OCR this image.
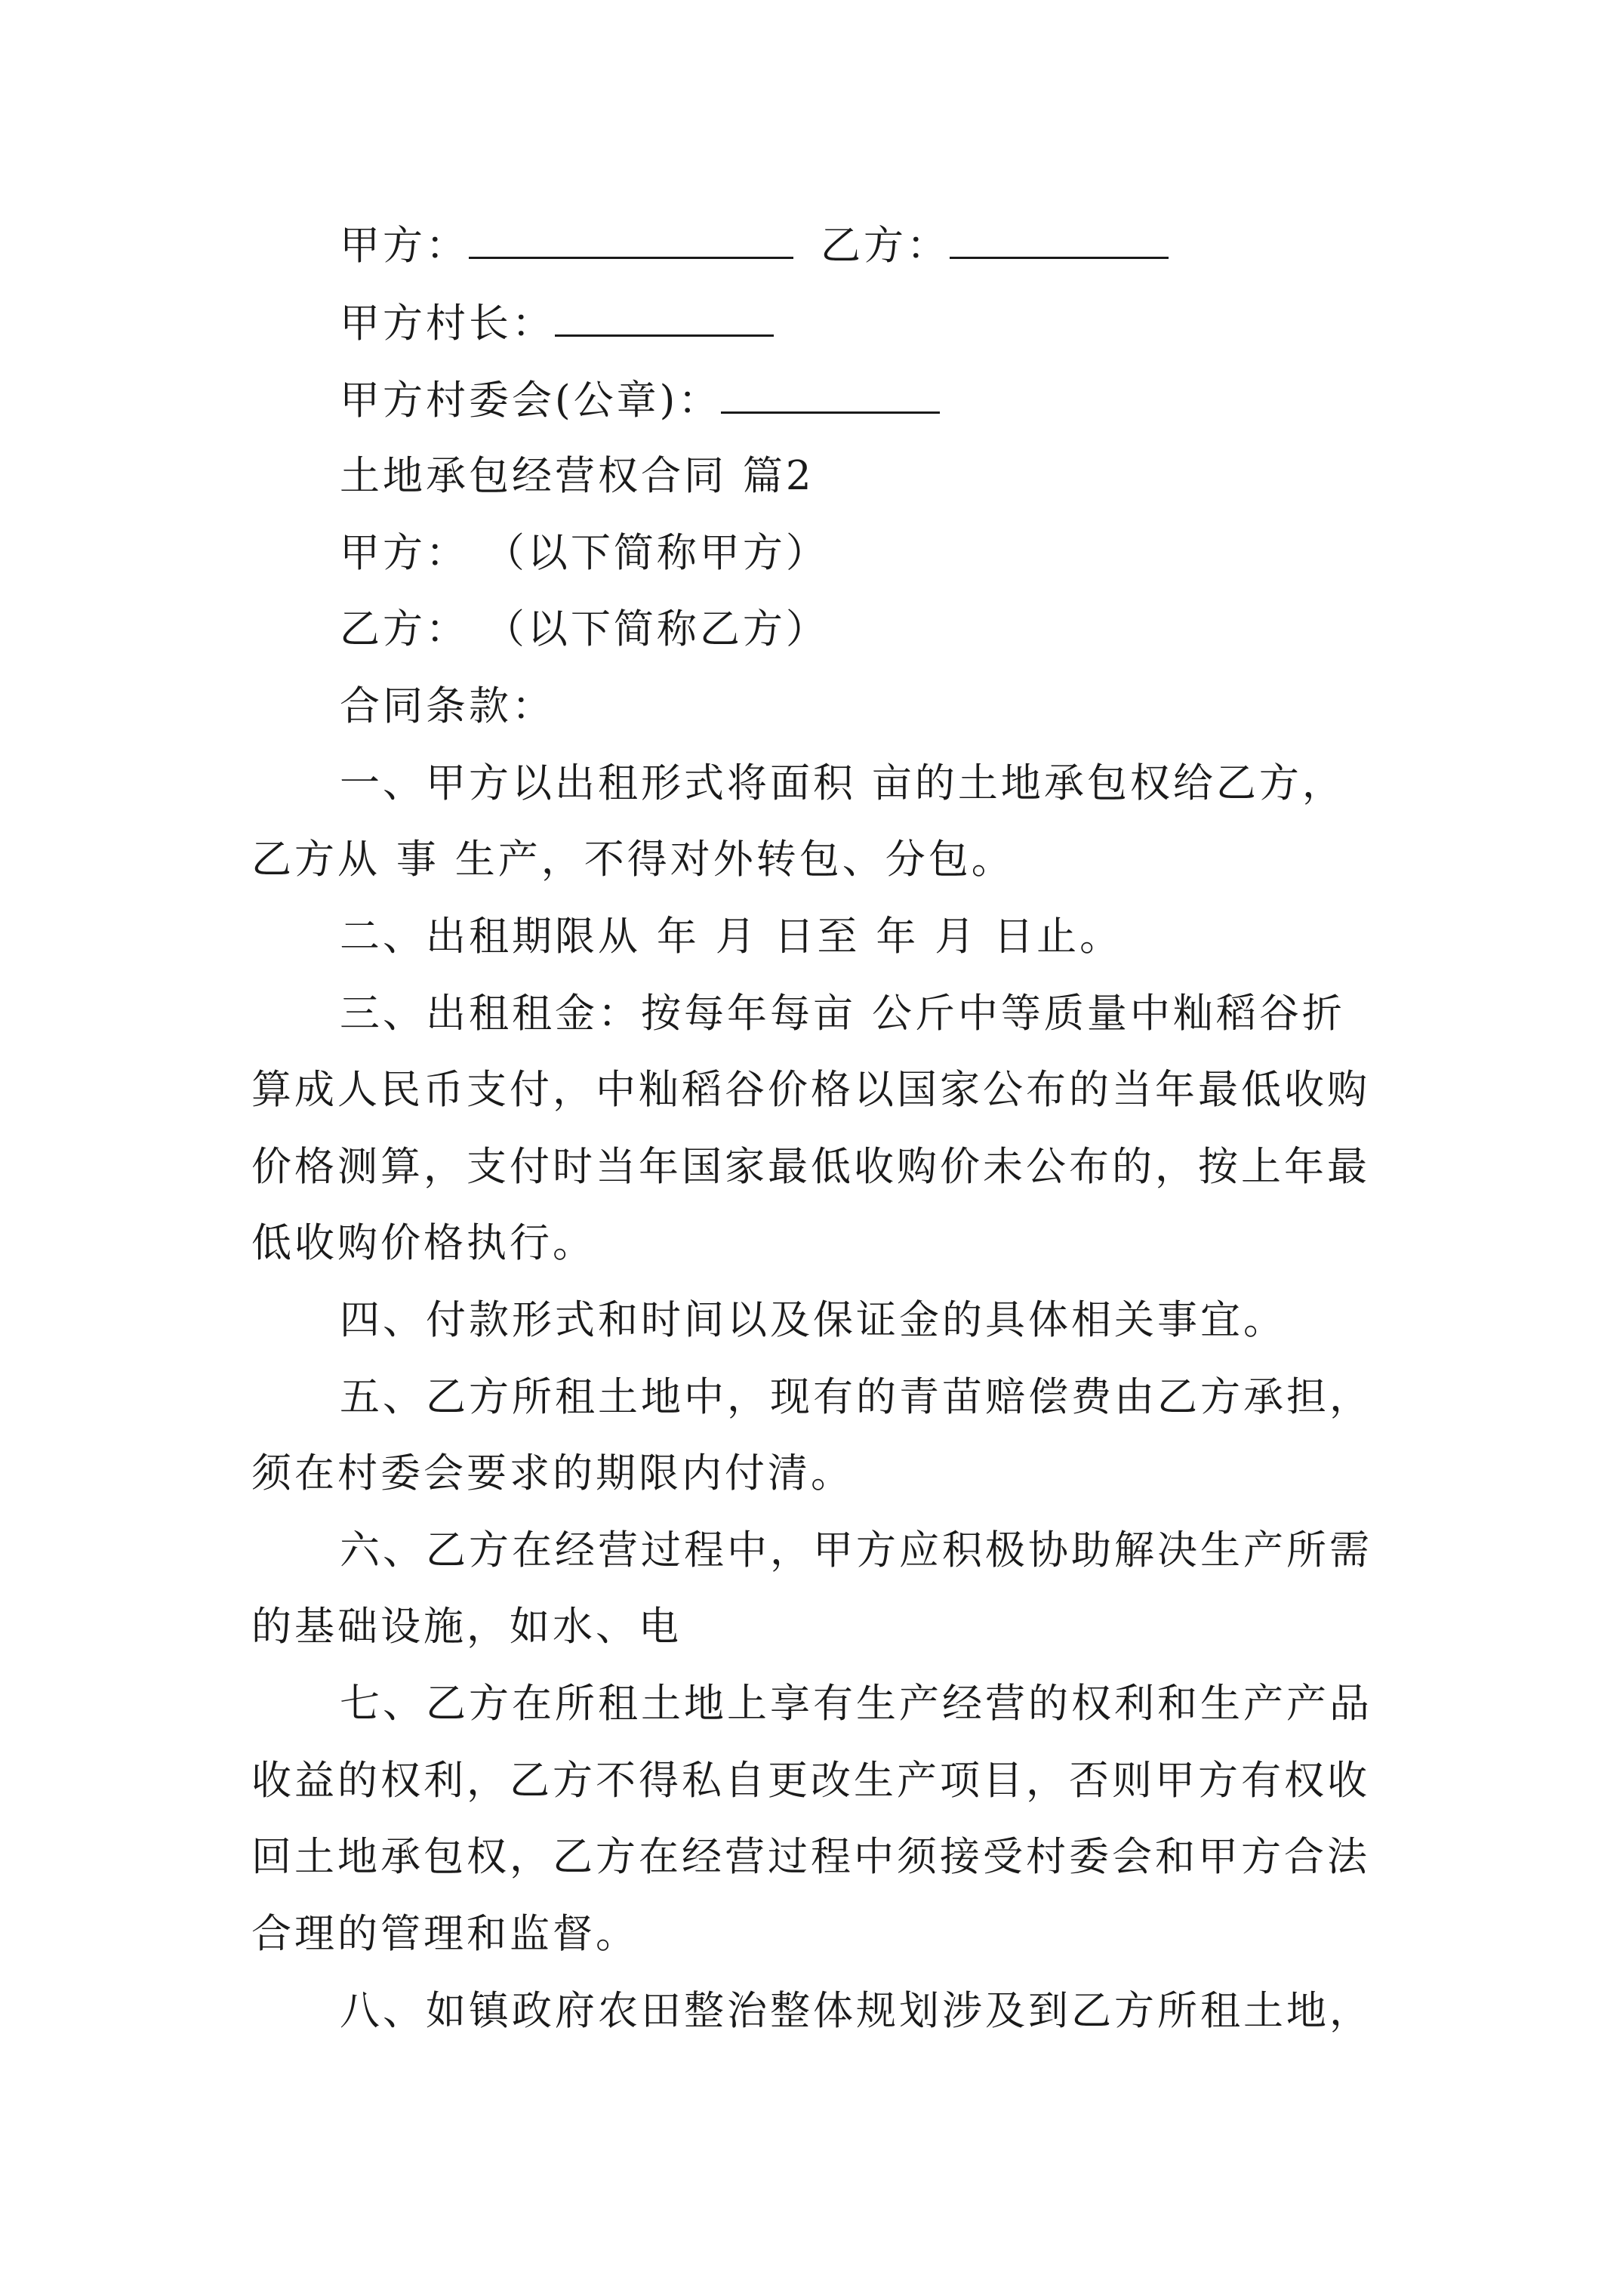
甲方：	乙方：
甲方村长：
甲方村委会(公章)：
土地承包经营权合同 篇2
甲方： （以下简称甲方）
乙方： （以下简称乙方）
合同条款：
一、甲方以出租形式将面积 亩的土地承包权给乙方，
乙方从 事 生产，不得对外转包、分包。
二、出租期限从 年 月 日至 年 月 日止。
三、出租租金：按每年每亩 公斤中等质量中籼稻谷折
算成人民币支付，中籼稻谷价格以国家公布的当年最低收购
价格测算，支付时当年国家最低收购价未公布的，按上年最
低收购价格执行。
四、付款形式和时间以及保证金的具体相关事宜。
五、乙方所租土地中，现有的青苗赔偿费由乙方承担，
须在村委会要求的期限内付清。
六、乙方在经营过程中，甲方应积极协助解决生产所需
的基础设施，如水、电
七、乙方在所租土地上享有生产经营的权利和生产产品
收益的权利，乙方不得私自更改生产项目，否则甲方有权收
回土地承包权，乙方在经营过程中须接受村委会和甲方合法
合理的管理和监督。
八、如镇政府农田整治整体规划涉及到乙方所租土地，
